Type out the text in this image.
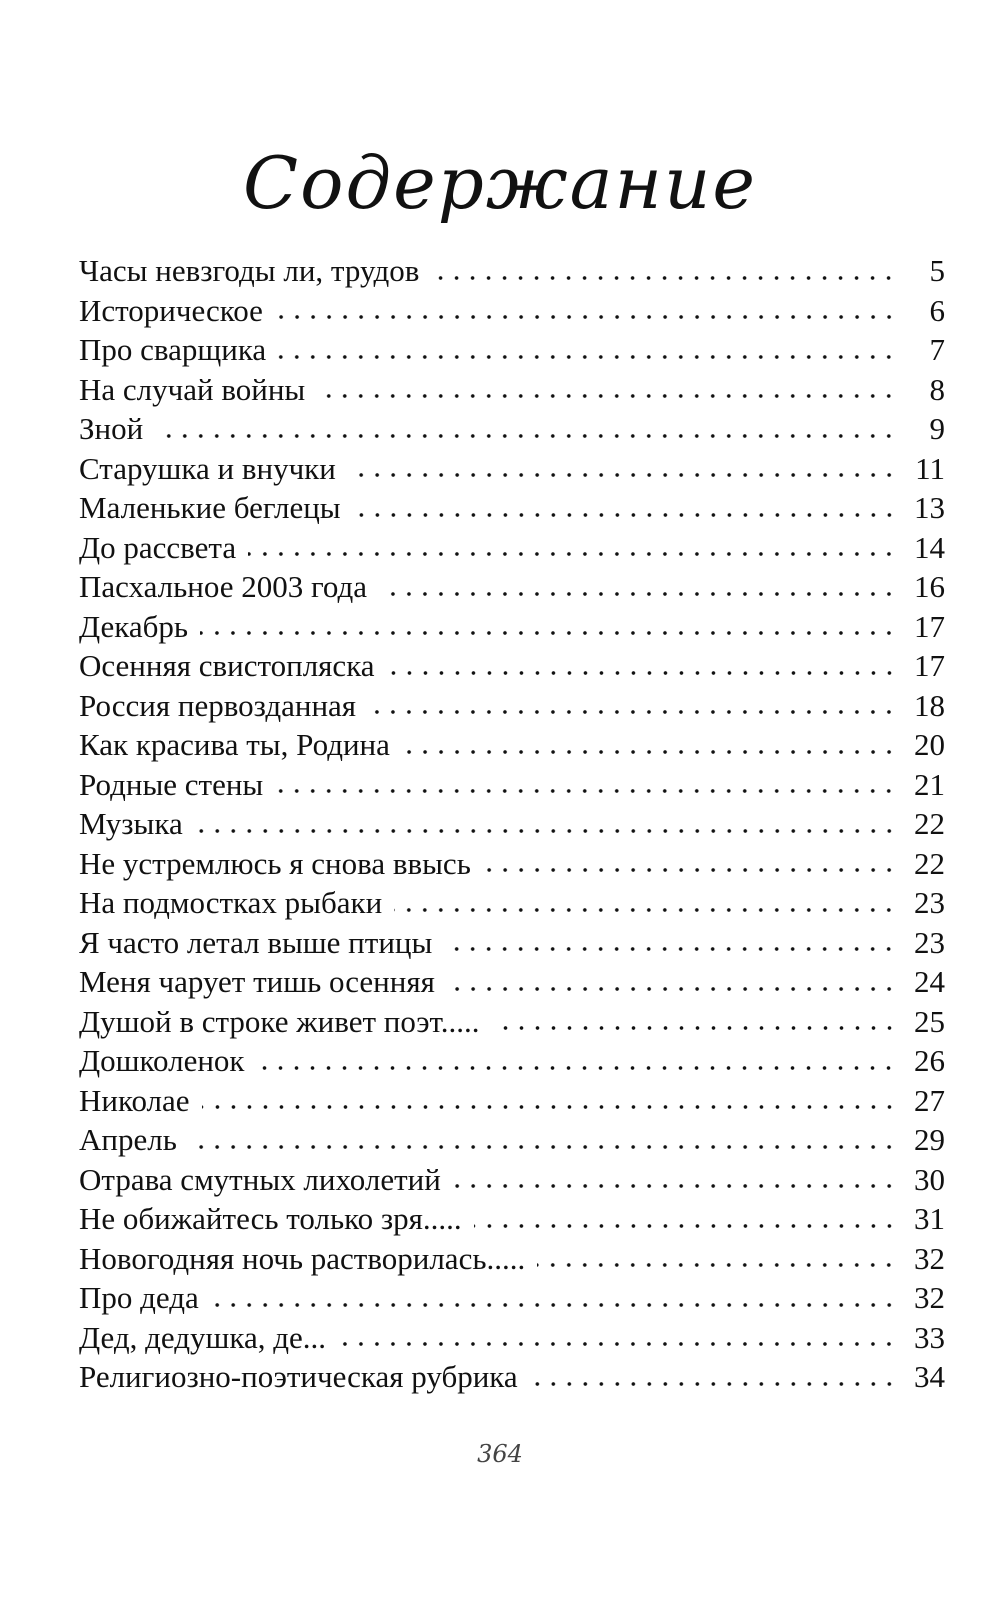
Содержание
Часы невзгоды ли, трудов	5
Историческое	6
Про сварщика	7
На случай войны	8
Зной	9
Старушка и внучки	11
Маленькие беглецы	13
До рассвета	14
Пасхальное 2003 года	16
Декабрь	17
Осенняя свистопляска	17
Россия первозданная	18
Как красива ты, Родина	20
Родные стены	21
Музыка	22
Не устремлюсь я снова ввысь	22
На подмостках рыбаки	23
Я часто летал выше птицы	23
Меня чарует тишь осенняя	24
Душой в строке живет поэт.....	25
Дошколенок	26
Николае	27
Апрель	29
Отрава смутных лихолетий	30
Не обижайтесь только зря.....	31
Новогодняя ночь растворилась.....	32
Про деда	32
Дед, дедушка, де...	33
Религиозно-поэтическая рубрика	34
364
